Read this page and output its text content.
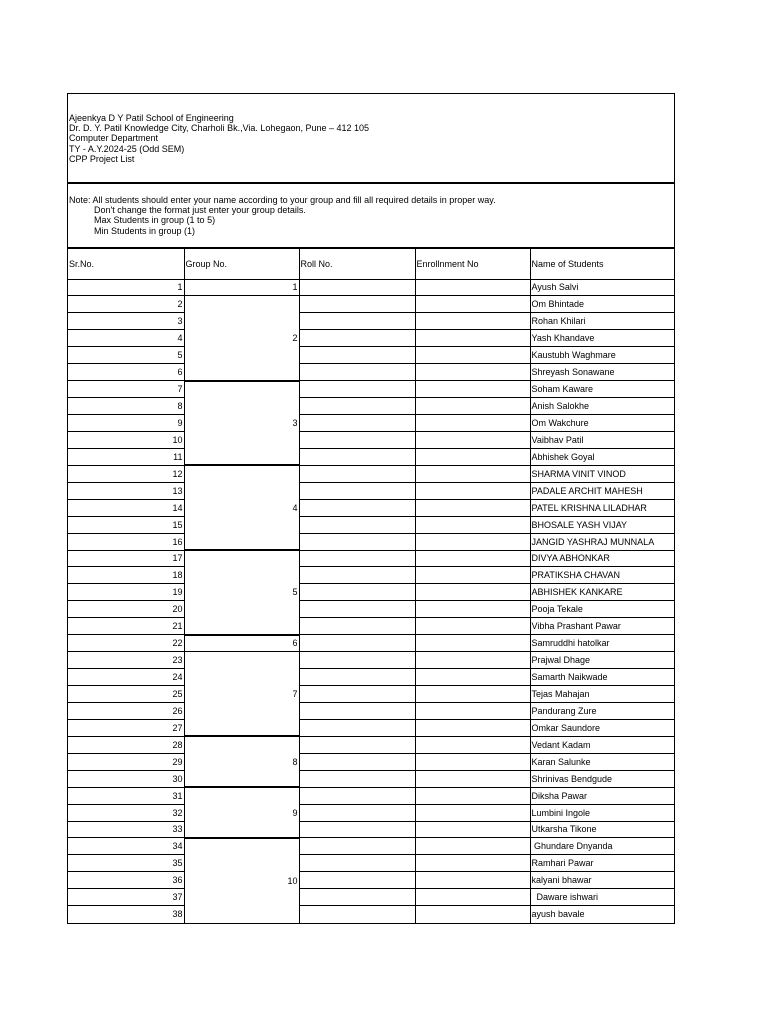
Ajeenkya D Y Patil School of Engineering
Dr. D. Y. Patil Knowledge City, Charholi Bk.,Via. Lohegaon, Pune – 412 105
Computer Department
TY - A.Y.2024-25 (Odd SEM)
CPP Project List
Note: All students should enter your name according to your group and fill all required details in proper way.
Don't change the format just enter your group details.
Max Students in group (1 to 5)
Min Students in group (1)
Sr.No.	Group No.	Roll No.	Enrollnment No	Name of Students
1	1			Ayush Salvi
2	2			Om Bhintade
3				Rohan Khilari
4				Yash Khandave
5				Kaustubh Waghmare
6				Shreyash Sonawane
7	3			Soham Kaware
8				Anish Salokhe
9				Om Wakchure
10				Vaibhav Patil
11				Abhishek Goyal
12	4			SHARMA VINIT VINOD
13				PADALE ARCHIT MAHESH
14				PATEL KRISHNA LILADHAR
15				BHOSALE YASH VIJAY
16				JANGID YASHRAJ MUNNALA
17	5			DIVYA ABHONKAR
18				PRATIKSHA CHAVAN
19				ABHISHEK KANKARE
20				Pooja Tekale
21				Vibha Prashant Pawar
22	6			Samruddhi hatolkar
23	7			Prajwal Dhage
24				Samarth Naikwade
25				Tejas Mahajan
26				Pandurang Zure
27				Omkar Saundore
28	8			Vedant Kadam
29				Karan Salunke
30				Shrinivas Bendgude
31	9			Diksha Pawar
32				Lumbini Ingole
33				Utkarsha Tikone
34	10			Ghundare Dnyanda
35				Ramhari Pawar
36				kalyani bhawar
37				Daware ishwari
38				ayush bavale
